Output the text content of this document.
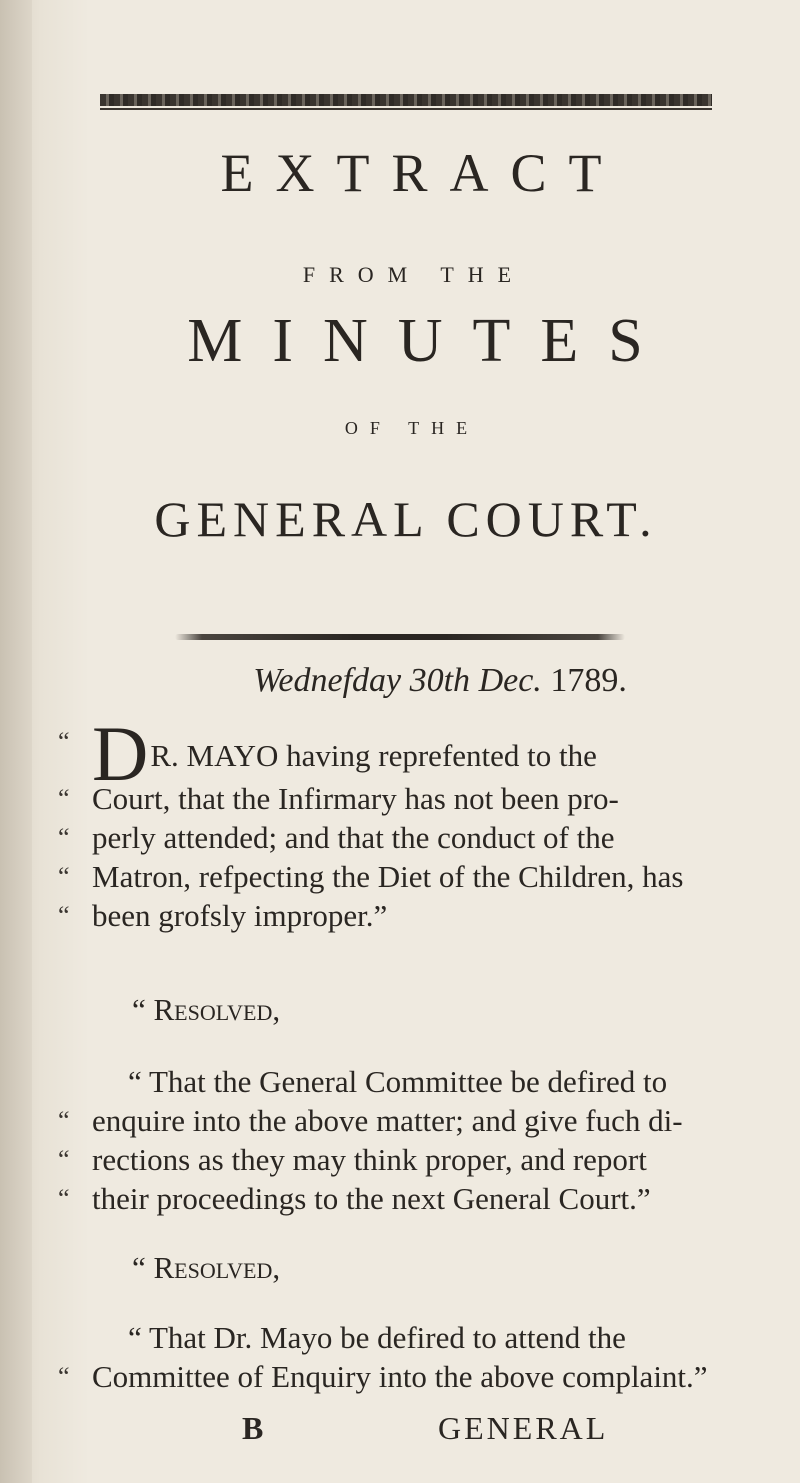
EXTRACT
FROM THE
MINUTES
OF THE
GENERAL COURT.
Wednefday 30th Dec. 1789.
“ DR. MAYO having reprefented to the
“ Court, that the Infirmary has not been pro-
“ perly attended; and that the conduct of the
“ Matron, refpecting the Diet of the Children, has
“ been grofsly improper.”
“ Resolved,
“ That the General Committee be defired to
“ enquire into the above matter; and give fuch di-
“ rections as they may think proper, and report
“ their proceedings to the next General Court.”
“ Resolved,
“ That Dr. Mayo be defired to attend the
“ Committee of Enquiry into the above complaint.”
B	GENERAL
